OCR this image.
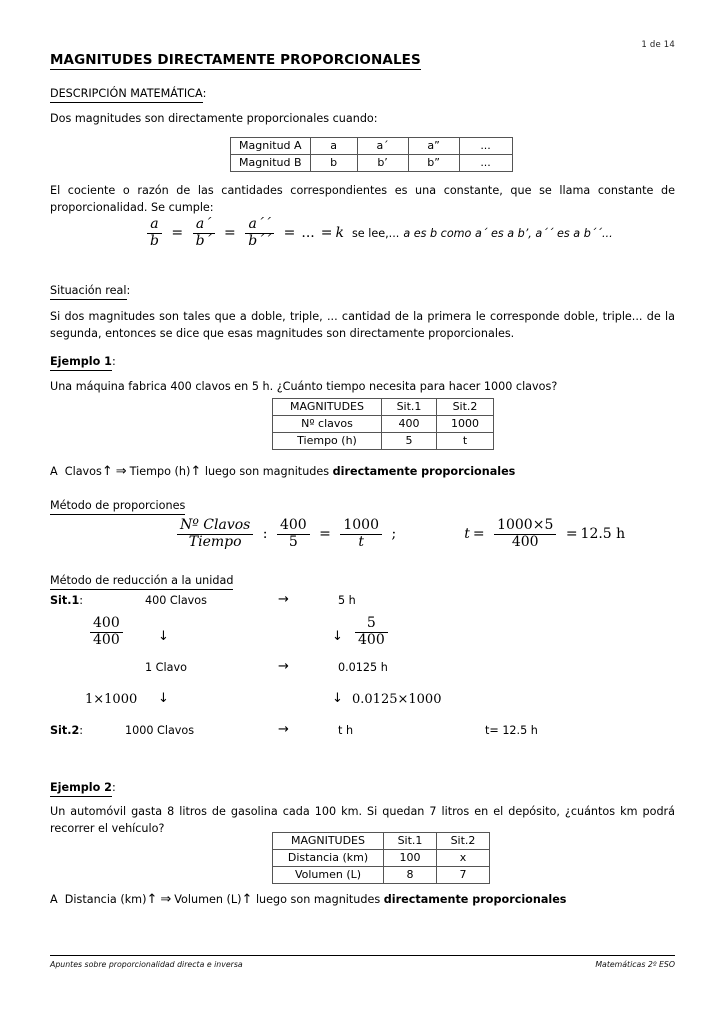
1 de 14
MAGNITUDES DIRECTAMENTE PROPORCIONALES
DESCRIPCIÓN MATEMÁTICA:
Dos magnitudes son directamente proporcionales cuando:
Magnitud A	a	a´	a”	...
Magnitud B	b	b’	b”	...
El cociente o razón de las cantidades correspondientes es una constante, que se llama constante de proporcionalidad. Se cumple:
$\frac{a}{b} = \frac{a´}{b´} = \frac{a´´}{b´´}$ = ... = k se lee,... a es b como a´ es a b’, a´´ es a b´´...
Situación real:
Si dos magnitudes son tales que a doble, triple, ... cantidad de la primera le corresponde doble, triple... de la segunda, entonces se dice que esas magnitudes son directamente proporcionales.
Ejemplo 1:
Una máquina fabrica 400 clavos en 5 h. ¿Cuánto tiempo necesita para hacer 1000 clavos?
MAGNITUDES	Sit.1	Sit.2
Nº clavos	400	1000
Tiempo (h)	5	t
A Clavos↑ ⇒ Tiempo (h)↑ luego son magnitudes directamente proporcionales
Método de proporciones
$\frac{\text{Nº Clavos}}{\text{Tiempo}}$ : $\frac{400}{5} = \frac{1000}{t}$ ;	$t = \frac{1000\times 5}{400} = 12.5$ h
Método de reducción a la unidad
Sit.1:	400 Clavos	→	5 h
$\frac{400}{400}$	↓	↓ $\frac{5}{400}$
1 Clavo	→	0.0125 h
1×1000 ↓	↓ 0.0125×1000
Sit.2:	1000 Clavos	→	t h	t= 12.5 h
Ejemplo 2:
Un automóvil gasta 8 litros de gasolina cada 100 km. Si quedan 7 litros en el depósito, ¿cuántos km podrá recorrer el vehículo?
MAGNITUDES	Sit.1	Sit.2
Distancia (km)	100	x
Volumen (L)	8	7
A Distancia (km)↑ ⇒ Volumen (L)↑ luego son magnitudes directamente proporcionales
Apuntes sobre proporcionalidad directa e inversa	Matemáticas 2º ESO
